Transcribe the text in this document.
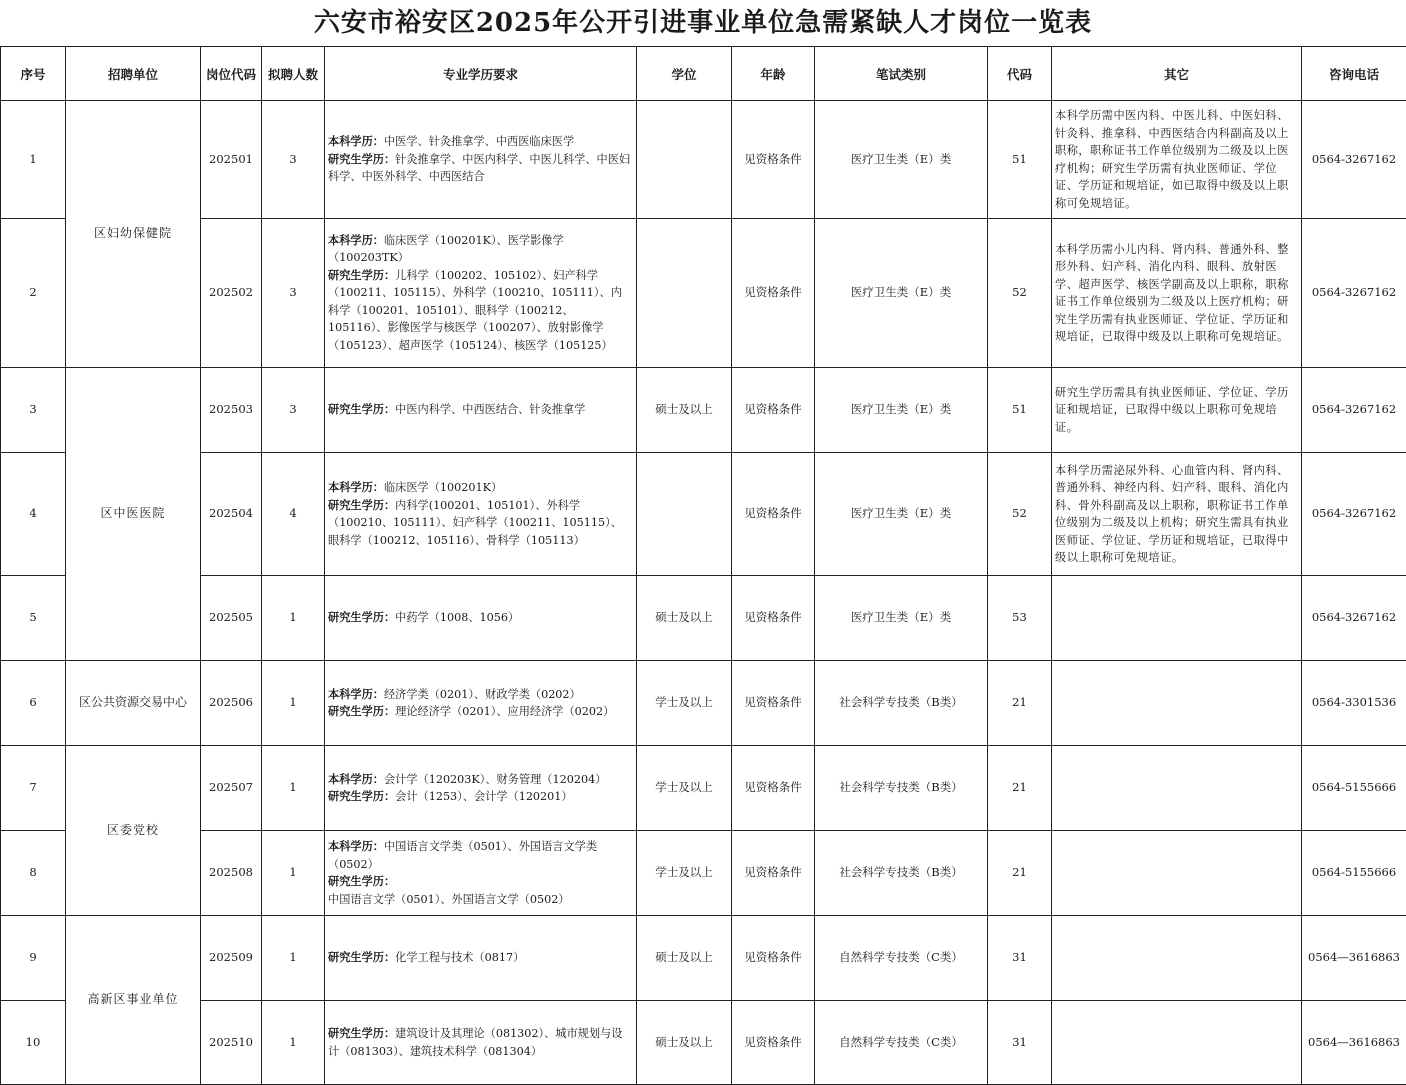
六安市裕安区2025年公开引进事业单位急需紧缺人才岗位一览表
序号	招聘单位	岗位代码	拟聘人数	专业学历要求	学位	年龄	笔试类别	代码	其它	咨询电话
1	区妇幼保健院	202501	3	本科学历：中医学、针灸推拿学、中西医临床医学
研究生学历：针灸推拿学、中医内科学、中医儿科学、中医妇科学、中医外科学、中西医结合		见资格条件	医疗卫生类（E）类	51	本科学历需中医内科、中医儿科、中医妇科、针灸科、推拿科、中西医结合内科副高及以上职称，职称证书工作单位级别为二级及以上医疗机构；研究生学历需有执业医师证、学位证、学历证和规培证，如已取得中级及以上职称可免规培证。	0564-3267162
2		202502	3	本科学历：临床医学（100201K）、医学影像学（100203TK）
研究生学历：儿科学（100202、105102）、妇产科学（100211、105115）、外科学（100210、105111）、内科学（100201、105101）、眼科学（100212、105116）、影像医学与核医学（100207）、放射影像学（105123）、超声医学（105124）、核医学（105125）		见资格条件	医疗卫生类（E）类	52	本科学历需小儿内科、肾内科、普通外科、整形外科、妇产科、消化内科、眼科、放射医学、超声医学、核医学副高及以上职称，职称证书工作单位级别为二级及以上医疗机构；研究生学历需有执业医师证、学位证、学历证和规培证，已取得中级及以上职称可免规培证。	0564-3267162
3	区中医医院	202503	3	研究生学历：中医内科学、中西医结合、针灸推拿学	硕士及以上	见资格条件	医疗卫生类（E）类	51	研究生学历需具有执业医师证、学位证、学历证和规培证，已取得中级以上职称可免规培证。	0564-3267162
4		202504	4	本科学历：临床医学（100201K）
研究生学历：内科学(100201、105101）、外科学（100210、105111）、妇产科学（100211、105115）、眼科学（100212、105116）、骨科学（105113）		见资格条件	医疗卫生类（E）类	52	本科学历需泌尿外科、心血管内科、肾内科、普通外科、神经内科、妇产科、眼科、消化内科、骨外科副高及以上职称，职称证书工作单位级别为二级及以上机构；研究生需具有执业医师证、学位证、学历证和规培证，已取得中级以上职称可免规培证。	0564-3267162
5		202505	1	研究生学历：中药学（1008、1056）	硕士及以上	见资格条件	医疗卫生类（E）类	53		0564-3267162
6	区公共资源交易中心	202506	1	本科学历：经济学类（0201）、财政学类（0202）
研究生学历：理论经济学（0201）、应用经济学（0202）	学士及以上	见资格条件	社会科学专技类（B类）	21		0564-3301536
7	区委党校	202507	1	本科学历：会计学（120203K）、财务管理（120204）
研究生学历：会计（1253）、会计学（120201）	学士及以上	见资格条件	社会科学专技类（B类）	21		0564-5155666
8		202508	1	本科学历：中国语言文学类（0501）、外国语言文学类（0502）
研究生学历：中国语言文学（0501）、外国语言文学（0502）	学士及以上	见资格条件	社会科学专技类（B类）	21		0564-5155666
9	高新区事业单位	202509	1	研究生学历：化学工程与技术（0817）	硕士及以上	见资格条件	自然科学专技类（C类）	31		0564—3616863
10		202510	1	研究生学历：建筑设计及其理论（081302）、城市规划与设计（081303）、建筑技术科学（081304）	硕士及以上	见资格条件	自然科学专技类（C类）	31		0564—3616863
